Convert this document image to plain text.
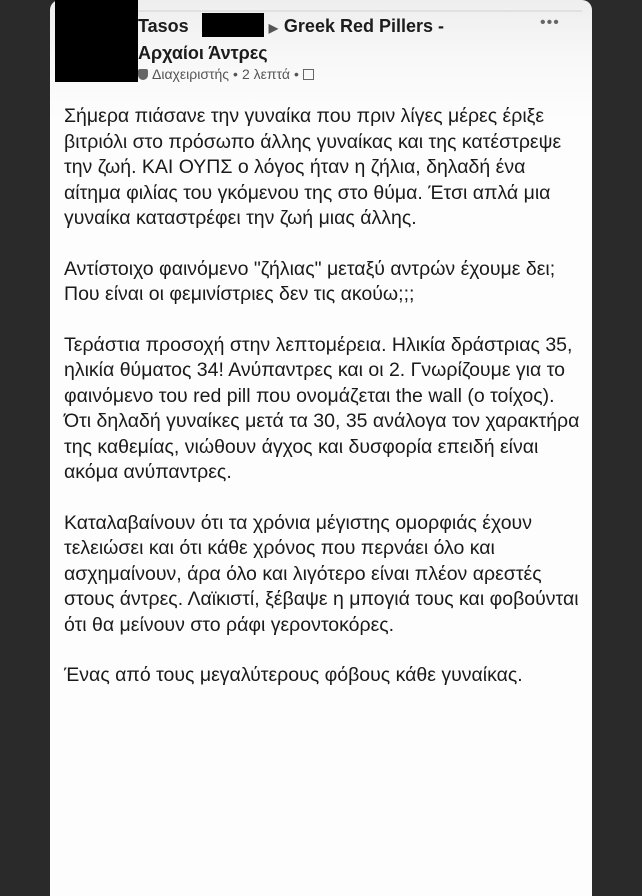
Tasos	▶ Greek Red Pillers -
Αρχαίοι Άντρες
•••
Διαχειριστής • 2 λεπτά •

Σήμερα πιάσανε την γυναίκα που πριν λίγες μέρες έριξε βιτριόλι στο πρόσωπο άλλης γυναίκας και της κατέστρεψε την ζωή. ΚΑΙ ΟΥΠΣ ο λόγος ήταν η ζήλια, δηλαδή ένα αίτημα φιλίας του γκόμενου της στο θύμα. Έτσι απλά μια γυναίκα καταστρέφει την ζωή μιας άλλης.

Αντίστοιχο φαινόμενο "ζήλιας" μεταξύ αντρών έχουμε δει; Που είναι οι φεμινίστριες δεν τις ακούω;;;

Τεράστια προσοχή στην λεπτομέρεια. Ηλικία δράστριας 35, ηλικία θύματος 34! Ανύπαντρες και οι 2. Γνωρίζουμε για το φαινόμενο του red pill που ονομάζεται the wall (ο τοίχος). Ότι δηλαδή γυναίκες μετά τα 30, 35 ανάλογα τον χαρακτήρα της καθεμίας, νιώθουν άγχος και δυσφορία επειδή είναι ακόμα ανύπαντρες.

Καταλαβαίνουν ότι τα χρόνια μέγιστης ομορφιάς έχουν τελειώσει και ότι κάθε χρόνος που περνάει όλο και ασχημαίνουν, άρα όλο και λιγότερο είναι πλέον αρεστές στους άντρες. Λαϊκιστί, ξέβαψε η μπογιά τους και φοβούνται ότι θα μείνουν στο ράφι γεροντοκόρες.

Ένας από τους μεγαλύτερους φόβους κάθε γυναίκας.
